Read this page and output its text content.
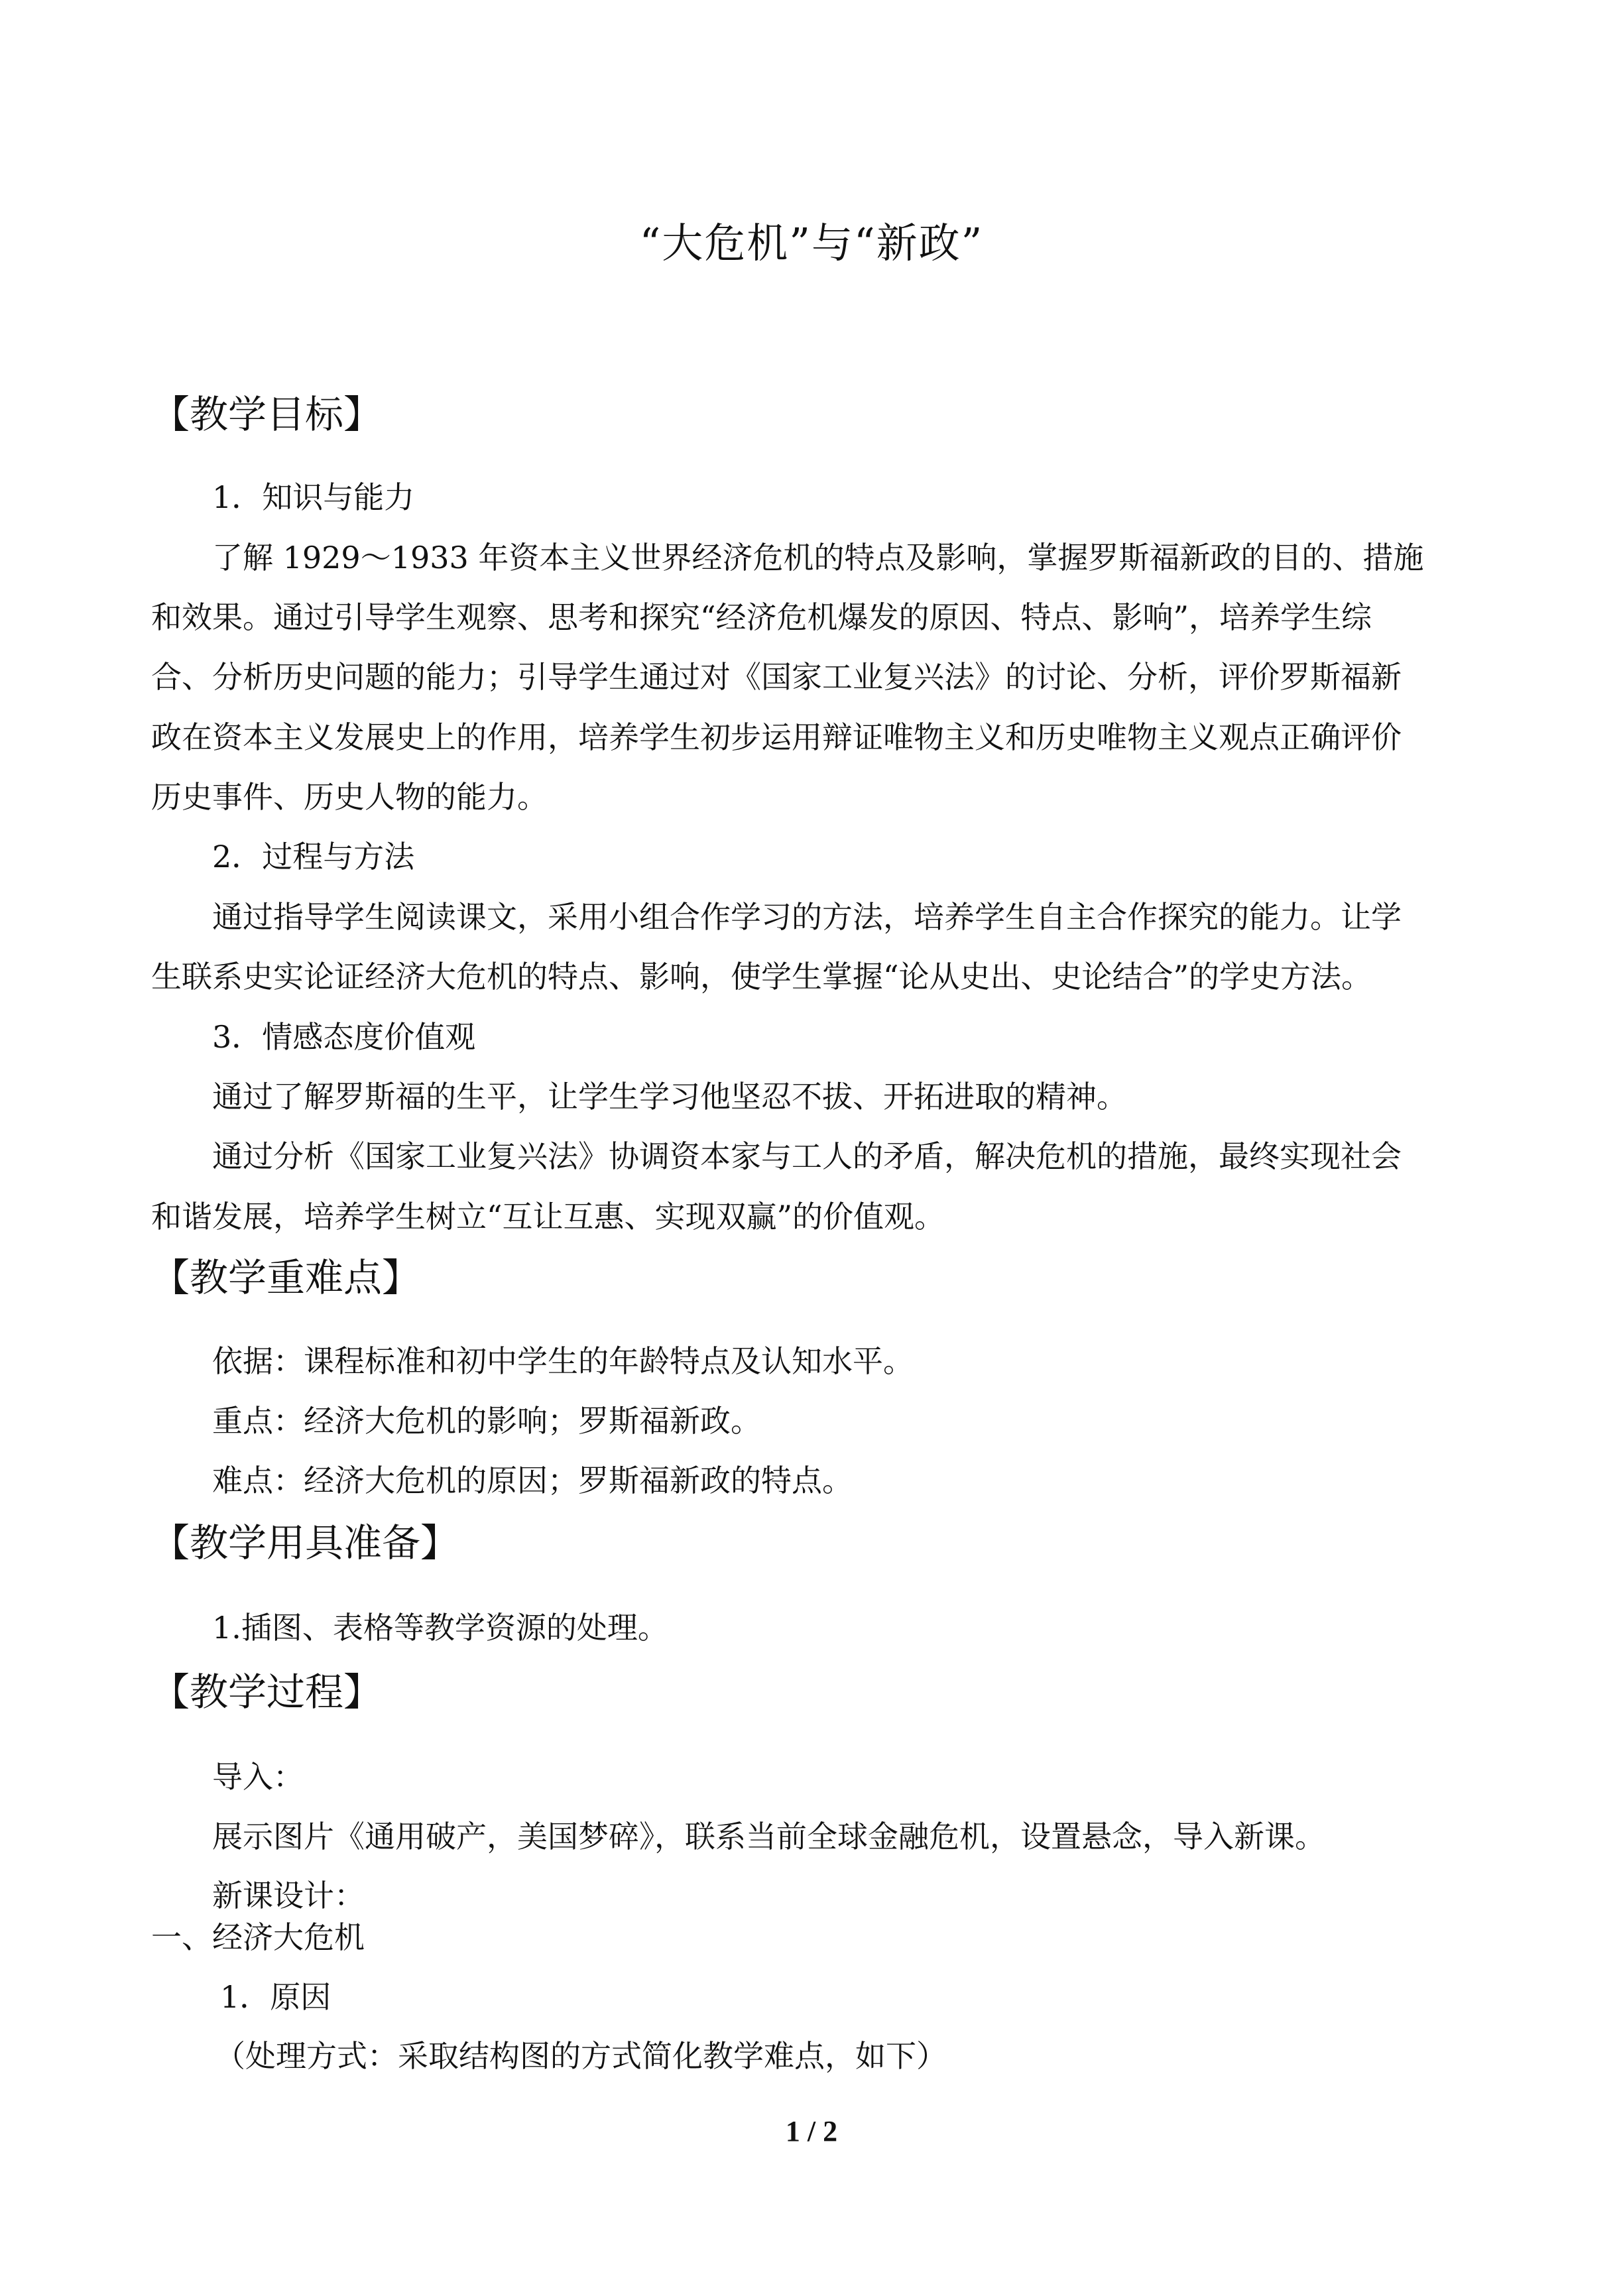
“大危机”与“新政”
【教学目标】

1．知识与能力

了解 1929～1933 年资本主义世界经济危机的特点及影响，掌握罗斯福新政的目的、措施

和效果。通过引导学生观察、思考和探究“经济危机爆发的原因、特点、影响”，培养学生综

合、分析历史问题的能力；引导学生通过对《国家工业复兴法》的讨论、分析，评价罗斯福新

政在资本主义发展史上的作用，培养学生初步运用辩证唯物主义和历史唯物主义观点正确评价

历史事件、历史人物的能力。

2．过程与方法

通过指导学生阅读课文，采用小组合作学习的方法，培养学生自主合作探究的能力。让学

生联系史实论证经济大危机的特点、影响，使学生掌握“论从史出、史论结合”的学史方法。

3．情感态度价值观

通过了解罗斯福的生平，让学生学习他坚忍不拔、开拓进取的精神。

通过分析《国家工业复兴法》协调资本家与工人的矛盾，解决危机的措施，最终实现社会

和谐发展，培养学生树立“互让互惠、实现双赢”的价值观。

【教学重难点】

依据：课程标准和初中学生的年龄特点及认知水平。

重点：经济大危机的影响；罗斯福新政。

难点：经济大危机的原因；罗斯福新政的特点。

【教学用具准备】

1.插图、表格等教学资源的处理。

【教学过程】

导入：

展示图片《通用破产，美国梦碎》，联系当前全球金融危机，设置悬念，导入新课。

新课设计：

一、经济大危机

1．原因

（处理方式：采取结构图的方式简化教学难点，如下）

1 / 2
